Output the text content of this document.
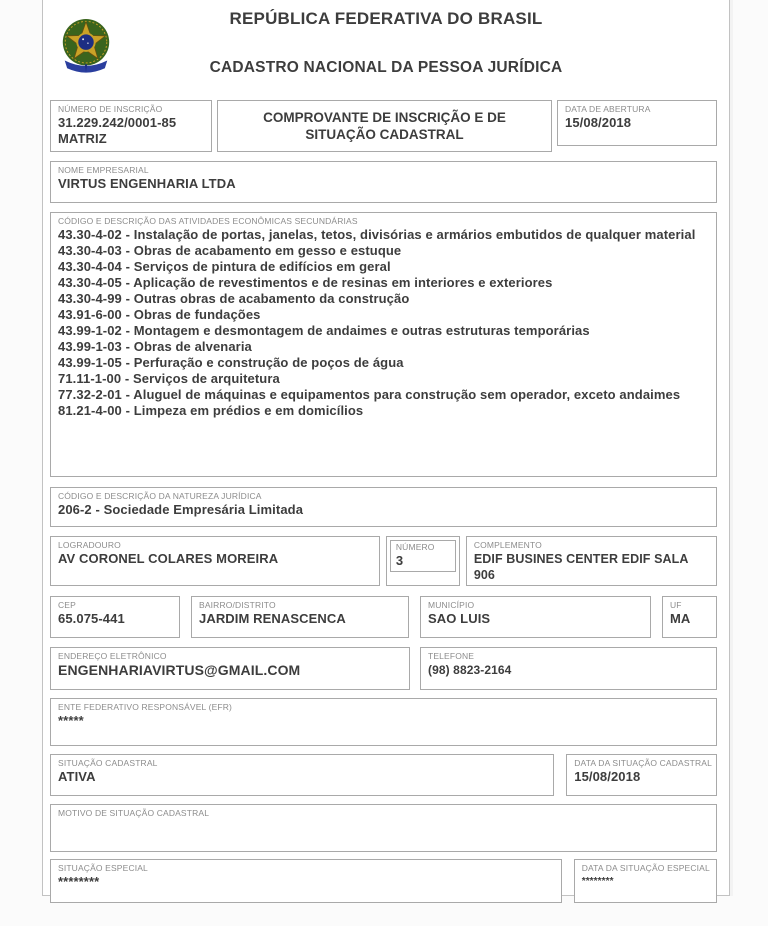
REPÚBLICA FEDERATIVA DO BRASIL
CADASTRO NACIONAL DA PESSOA JURÍDICA
NÚMERO DE INSCRIÇÃO
31.229.242/0001-85
MATRIZ
COMPROVANTE DE INSCRIÇÃO E DE SITUAÇÃO CADASTRAL
DATA DE ABERTURA
15/08/2018
NOME EMPRESARIAL
VIRTUS ENGENHARIA LTDA
CÓDIGO E DESCRIÇÃO DAS ATIVIDADES ECONÔMICAS SECUNDÁRIAS
43.30-4-02 - Instalação de portas, janelas, tetos, divisórias e armários embutidos de qualquer material
43.30-4-03 - Obras de acabamento em gesso e estuque
43.30-4-04 - Serviços de pintura de edifícios em geral
43.30-4-05 - Aplicação de revestimentos e de resinas em interiores e exteriores
43.30-4-99 - Outras obras de acabamento da construção
43.91-6-00 - Obras de fundações
43.99-1-02 - Montagem e desmontagem de andaimes e outras estruturas temporárias
43.99-1-03 - Obras de alvenaria
43.99-1-05 - Perfuração e construção de poços de água
71.11-1-00 - Serviços de arquitetura
77.32-2-01 - Aluguel de máquinas e equipamentos para construção sem operador, exceto andaimes
81.21-4-00 - Limpeza em prédios e em domicílios
CÓDIGO E DESCRIÇÃO DA NATUREZA JURÍDICA
206-2 - Sociedade Empresária Limitada
LOGRADOURO
AV CORONEL COLARES MOREIRA
NÚMERO
3
COMPLEMENTO
EDIF BUSINES CENTER EDIF SALA 906
CEP
65.075-441
BAIRRO/DISTRITO
JARDIM RENASCENCA
MUNICÍPIO
SAO LUIS
UF
MA
ENDEREÇO ELETRÔNICO
ENGENHARIAVIRTUS@GMAIL.COM
TELEFONE
(98) 8823-2164
ENTE FEDERATIVO RESPONSÁVEL (EFR)
*****
SITUAÇÃO CADASTRAL
ATIVA
DATA DA SITUAÇÃO CADASTRAL
15/08/2018
MOTIVO DE SITUAÇÃO CADASTRAL
SITUAÇÃO ESPECIAL
********
DATA DA SITUAÇÃO ESPECIAL
********
